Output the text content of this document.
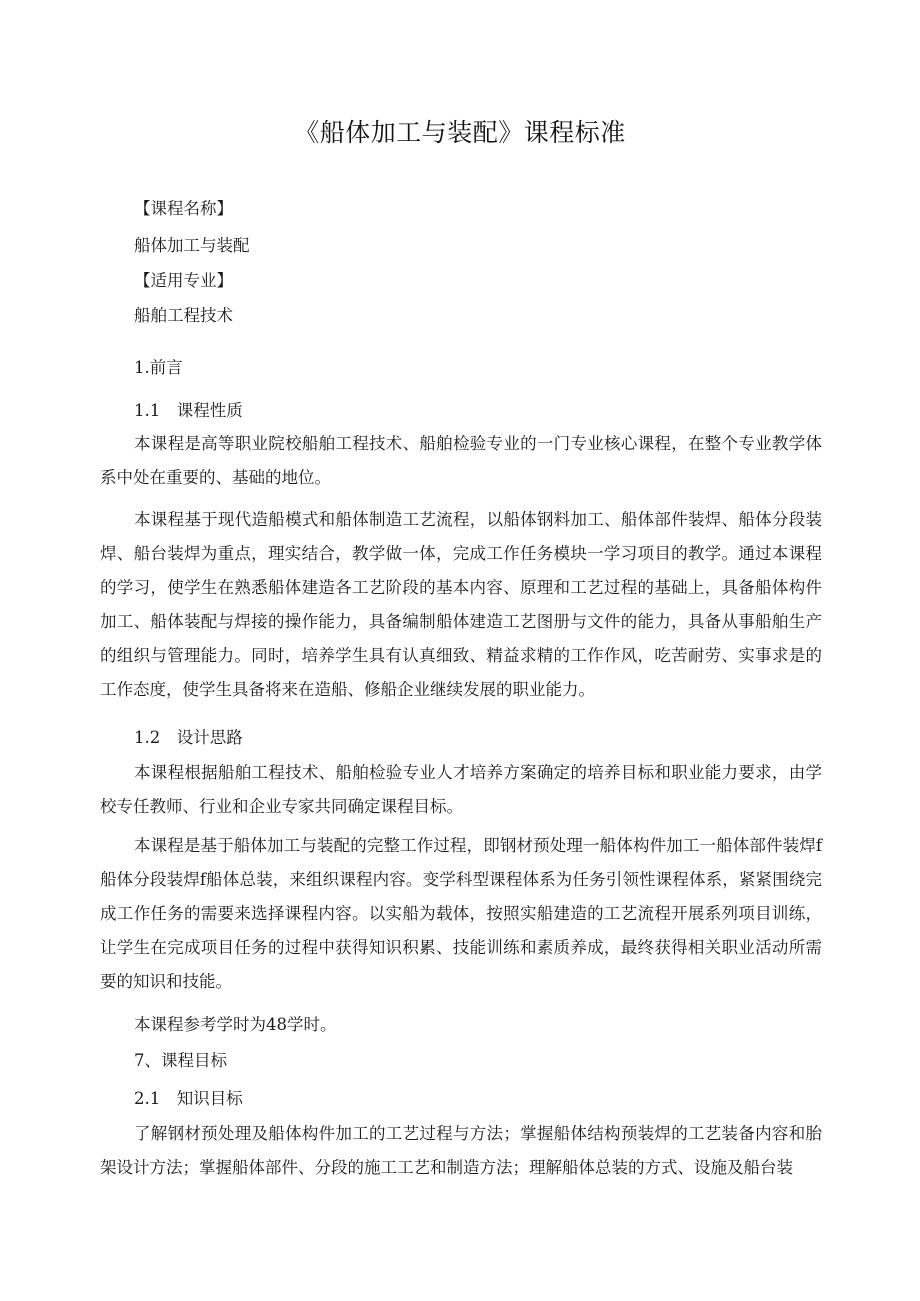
《船体加工与装配》课程标准
【课程名称】
船体加工与装配
【适用专业】
船舶工程技术
1.前言
1.1　课程性质
本课程是高等职业院校船舶工程技术、船舶检验专业的一门专业核心课程，在整个专业教学体系中处在重要的、基础的地位。
本课程基于现代造船模式和船体制造工艺流程，以船体钢料加工、船体部件装焊、船体分段装焊、船台装焊为重点，理实结合，教学做一体，完成工作任务模块一学习项目的教学。通过本课程的学习，使学生在熟悉船体建造各工艺阶段的基本内容、原理和工艺过程的基础上，具备船体构件加工、船体装配与焊接的操作能力，具备编制船体建造工艺图册与文件的能力，具备从事船舶生产的组织与管理能力。同时，培养学生具有认真细致、精益求精的工作作风，吃苦耐劳、实事求是的工作态度，使学生具备将来在造船、修船企业继续发展的职业能力。
1.2　设计思路
本课程根据船舶工程技术、船舶检验专业人才培养方案确定的培养目标和职业能力要求，由学校专任教师、行业和企业专家共同确定课程目标。
本课程是基于船体加工与装配的完整工作过程，即钢材预处理一船体构件加工一船体部件装焊f船体分段装焊f船体总装，来组织课程内容。变学科型课程体系为任务引领性课程体系，紧紧围绕完成工作任务的需要来选择课程内容。以实船为载体，按照实船建造的工艺流程开展系列项目训练，让学生在完成项目任务的过程中获得知识积累、技能训练和素质养成，最终获得相关职业活动所需要的知识和技能。
本课程参考学时为48学时。
7、课程目标
2.1　知识目标
了解钢材预处理及船体构件加工的工艺过程与方法；掌握船体结构预装焊的工艺装备内容和胎架设计方法；掌握船体部件、分段的施工工艺和制造方法；理解船体总装的方式、设施及船台装
